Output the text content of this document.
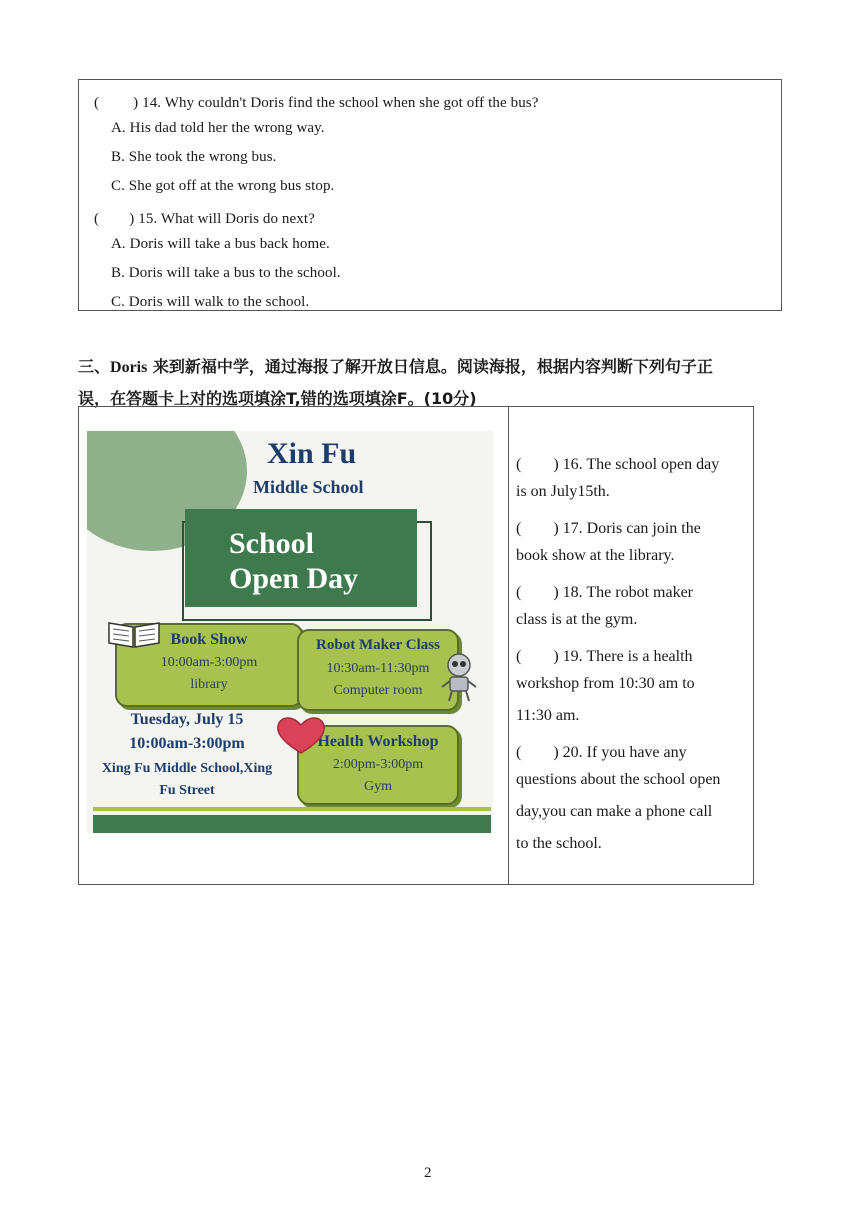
(　　 ) 14. Why couldn't Doris find the school when she got off the bus?
A. His dad told her the wrong way.
B. She took the wrong bus.
C. She got off at the wrong bus stop.
(　　) 15. What will Doris do next?
A. Doris will take a bus back home.
B. Doris will take a bus to the school.
C. Doris will walk to the school.
三、Doris 来到新福中学，通过海报了解开放日信息。阅读海报，根据内容判断下列句子正
误，在答题卡上对的选项填涂T,错的选项填涂F。(10分)
Xin Fu
Middle School
School
Open Day
Book Show
10:00am-3:00pm
library
Robot Maker Class
10:30am-11:30pm
Computer room
Tuesday, July 15
10:00am-3:00pm
Xing Fu Middle School,Xing
Fu Street
Health Workshop
2:00pm-3:00pm
Gym
(　　) 16. The school open day
is on July15th.
(　　) 17. Doris can join the
book show at the library.
(　　) 18. The robot maker
class is at the gym.
(　　) 19. There is a health
workshop from 10:30 am to
11:30 am.
(　　) 20. If you have any
questions about the school open
day,you can make a phone call
to the school.
2
